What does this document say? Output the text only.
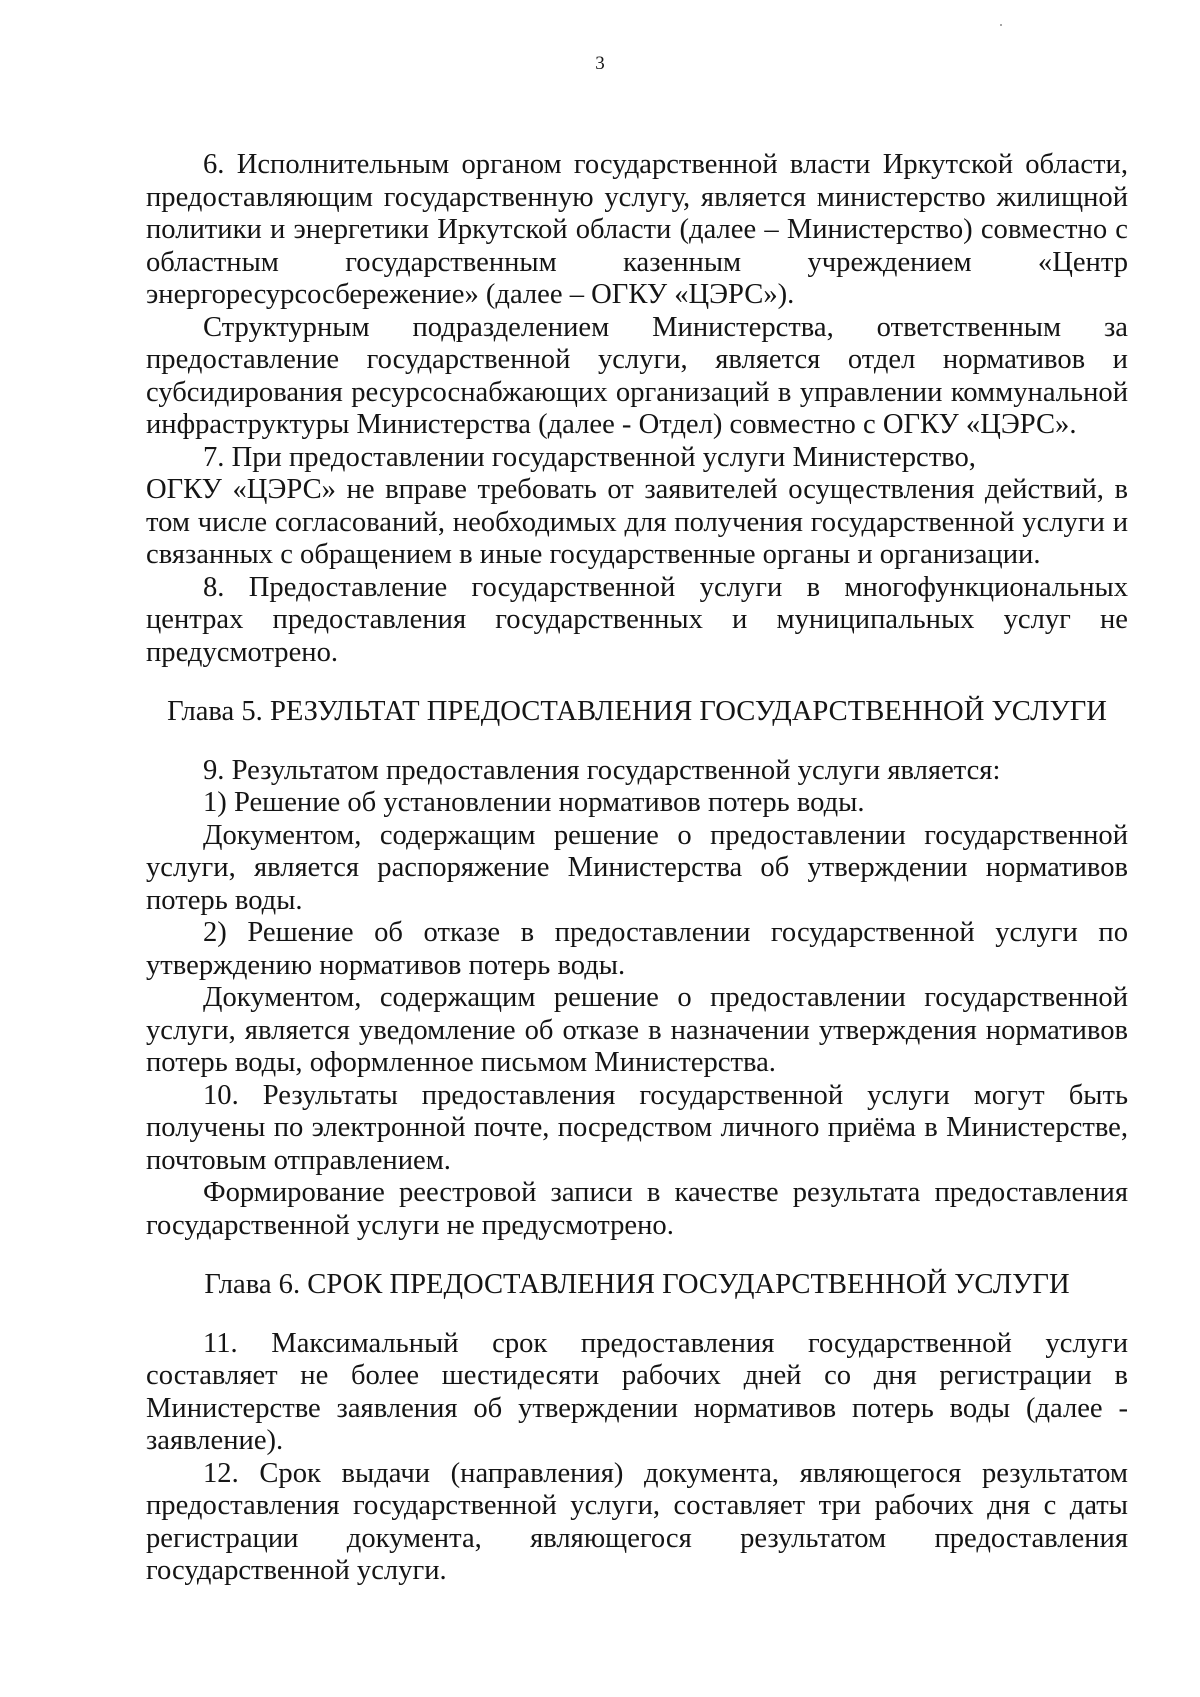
3

6. Исполнительным органом государственной власти Иркутской области, предоставляющим государственную услугу, является министерство жилищной политики и энергетики Иркутской области (далее – Министерство) совместно с областным государственным казенным учреждением «Центр энергоресурсосбережение» (далее – ОГКУ «ЦЭРС»).

Структурным подразделением Министерства, ответственным за предоставление государственной услуги, является отдел нормативов и субсидирования ресурсоснабжающих организаций в управлении коммунальной инфраструктуры Министерства (далее - Отдел) совместно с ОГКУ «ЦЭРС».

7. При предоставлении государственной услуги Министерство,

ОГКУ «ЦЭРС» не вправе требовать от заявителей осуществления действий, в том числе согласований, необходимых для получения государственной услуги и связанных с обращением в иные государственные органы и организации.

8. Предоставление государственной услуги в многофункциональных центрах предоставления государственных и муниципальных услуг не предусмотрено.

Глава 5. РЕЗУЛЬТАТ ПРЕДОСТАВЛЕНИЯ ГОСУДАРСТВЕННОЙ УСЛУГИ

9. Результатом предоставления государственной услуги является:

1) Решение об установлении нормативов потерь воды.

Документом, содержащим решение о предоставлении государственной услуги, является распоряжение Министерства об утверждении нормативов потерь воды.

2) Решение об отказе в предоставлении государственной услуги по утверждению нормативов потерь воды.

Документом, содержащим решение о предоставлении государственной услуги, является уведомление об отказе в назначении утверждения нормативов потерь воды, оформленное письмом Министерства.

10. Результаты предоставления государственной услуги могут быть получены по электронной почте, посредством личного приёма в Министерстве, почтовым отправлением.

Формирование реестровой записи в качестве результата предоставления государственной услуги не предусмотрено.

Глава 6. СРОК ПРЕДОСТАВЛЕНИЯ ГОСУДАРСТВЕННОЙ УСЛУГИ

11. Максимальный срок предоставления государственной услуги составляет не более шестидесяти рабочих дней со дня регистрации в Министерстве заявления об утверждении нормативов потерь воды (далее - заявление).

12. Срок выдачи (направления) документа, являющегося результатом предоставления государственной услуги, составляет три рабочих дня с даты регистрации документа, являющегося результатом предоставления государственной услуги.
